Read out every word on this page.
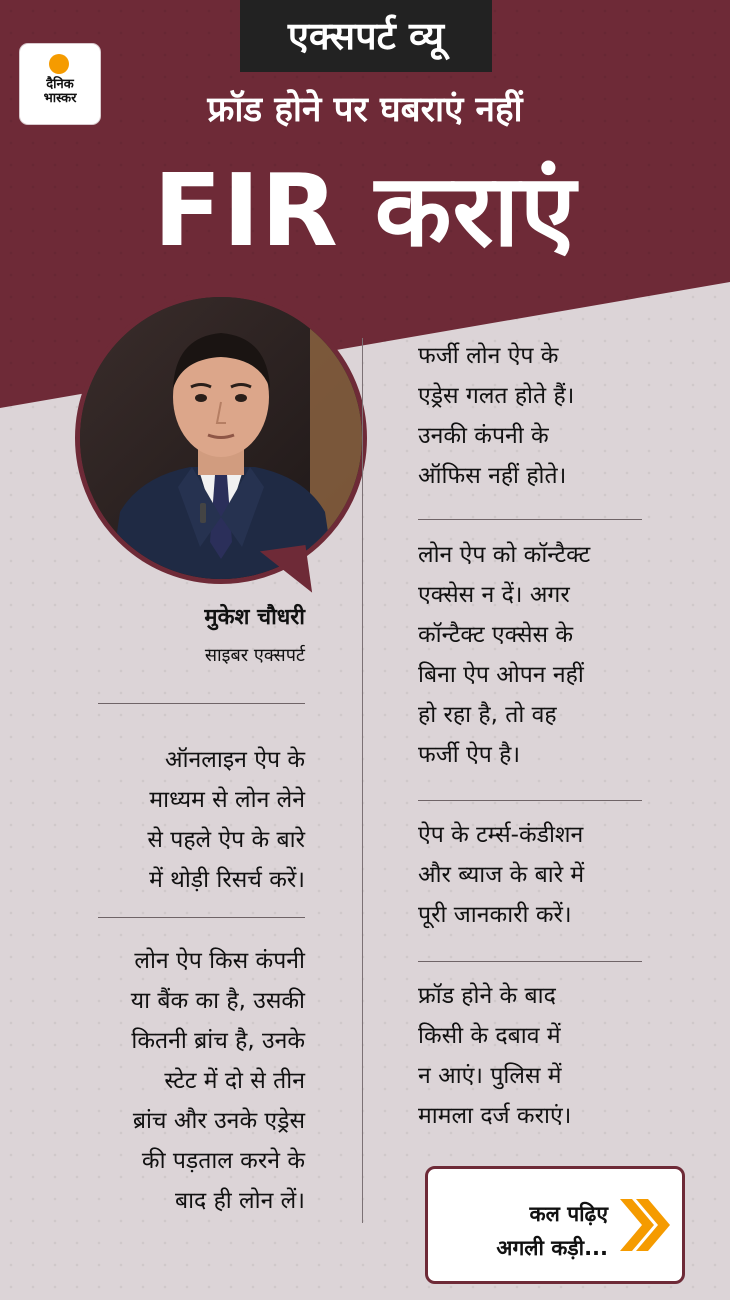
दैनिक
भास्कर
एक्सपर्ट व्यू
फ्रॉड होने पर घबराएं नहीं
FIR कराएं
मुकेश चौधरी
साइबर एक्सपर्ट
ऑनलाइन ऐप के
माध्यम से लोन लेने
से पहले ऐप के बारे
में थोड़ी रिसर्च करें।
लोन ऐप किस कंपनी
या बैंक का है, उसकी
कितनी ब्रांच है, उनके
स्टेट में दो से तीन
ब्रांच और उनके एड्रेस
की पड़ताल करने के
बाद ही लोन लें।
फर्जी लोन ऐप के
एड्रेस गलत होते हैं।
उनकी कंपनी के
ऑफिस नहीं होते।
लोन ऐप को कॉन्टैक्ट
एक्सेस न दें। अगर
कॉन्टैक्ट एक्सेस के
बिना ऐप ओपन नहीं
हो रहा है, तो वह
फर्जी ऐप है।
ऐप के टर्म्स-कंडीशन
और ब्याज के बारे में
पूरी जानकारी करें।
फ्रॉड होने के बाद
किसी के दबाव में
न आएं। पुलिस में
मामला दर्ज कराएं।
कल पढ़िए
अगली कड़ी...
